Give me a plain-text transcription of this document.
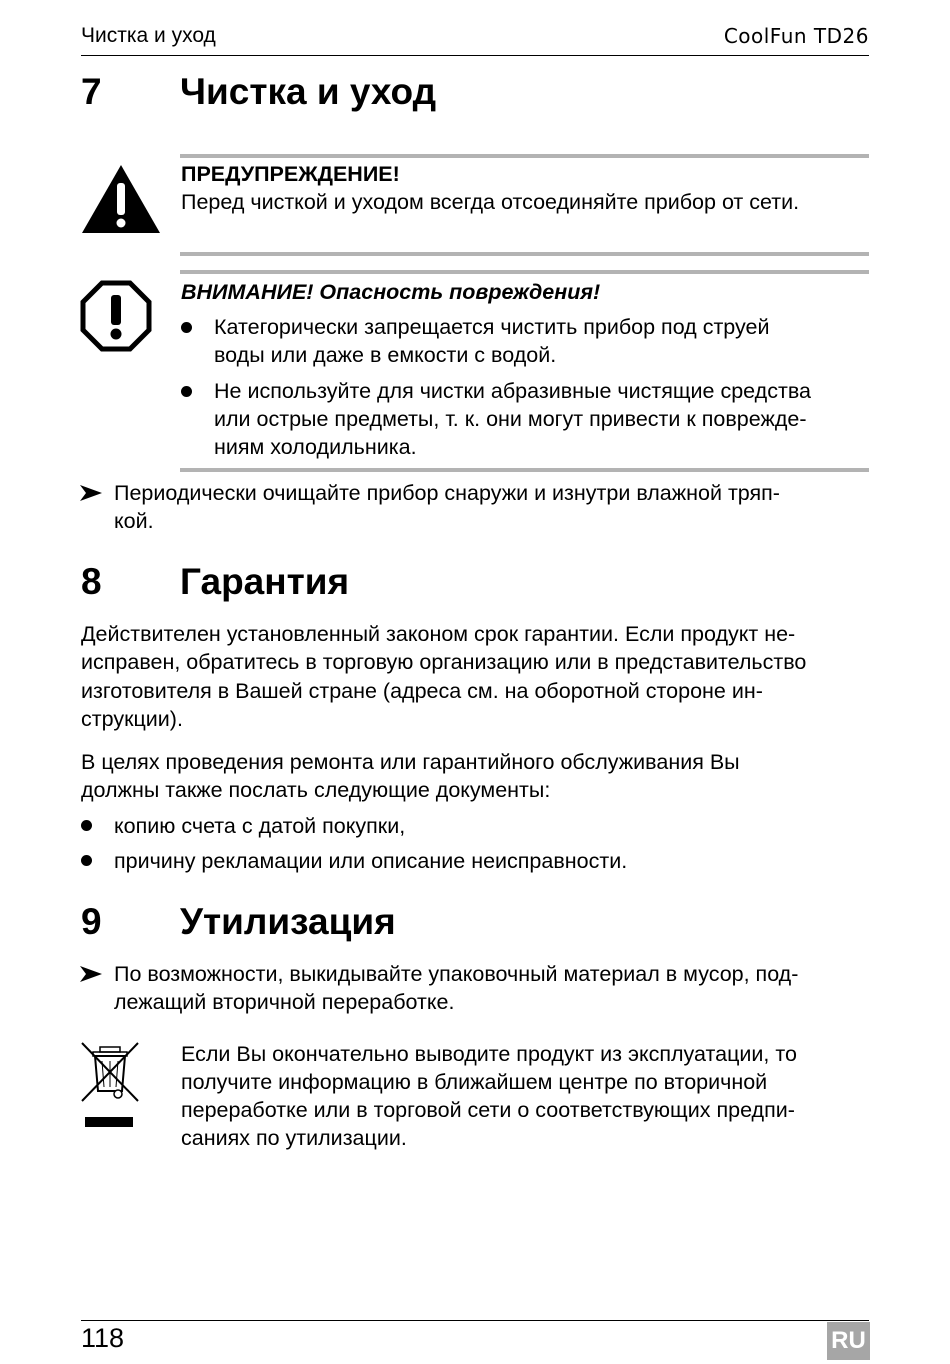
Чистка и уход	CoolFun TD26
7 Чистка и уход
ПРЕДУПРЕЖДЕНИЕ!
Перед чисткой и уходом всегда отсоединяйте прибор от сети.
ВНИМАНИЕ! Опасность повреждения!
Категорически запрещается чистить прибор под струей
воды или даже в емкости с водой.
Не используйте для чистки абразивные чистящие средства
или острые предметы, т. к. они могут привести к поврежде-
ниям холодильника.
Периодически очищайте прибор снаружи и изнутри влажной тряп-
кой.
8 Гарантия
Действителен установленный законом срок гарантии. Если продукт не-
исправен, обратитесь в торговую организацию или в представительство
изготовителя в Вашей стране (адреса см. на оборотной стороне ин-
струкции).
В целях проведения ремонта или гарантийного обслуживания Вы
должны также послать следующие документы:
копию счета с датой покупки,
причину рекламации или описание неисправности.
9 Утилизация
По возможности, выкидывайте упаковочный материал в мусор, под-
лежащий вторичной переработке.
Если Вы окончательно выводите продукт из эксплуатации, то
получите информацию в ближайшем центре по вторичной
переработке или в торговой сети о соответствующих предпи-
саниях по утилизации.
118	RU
